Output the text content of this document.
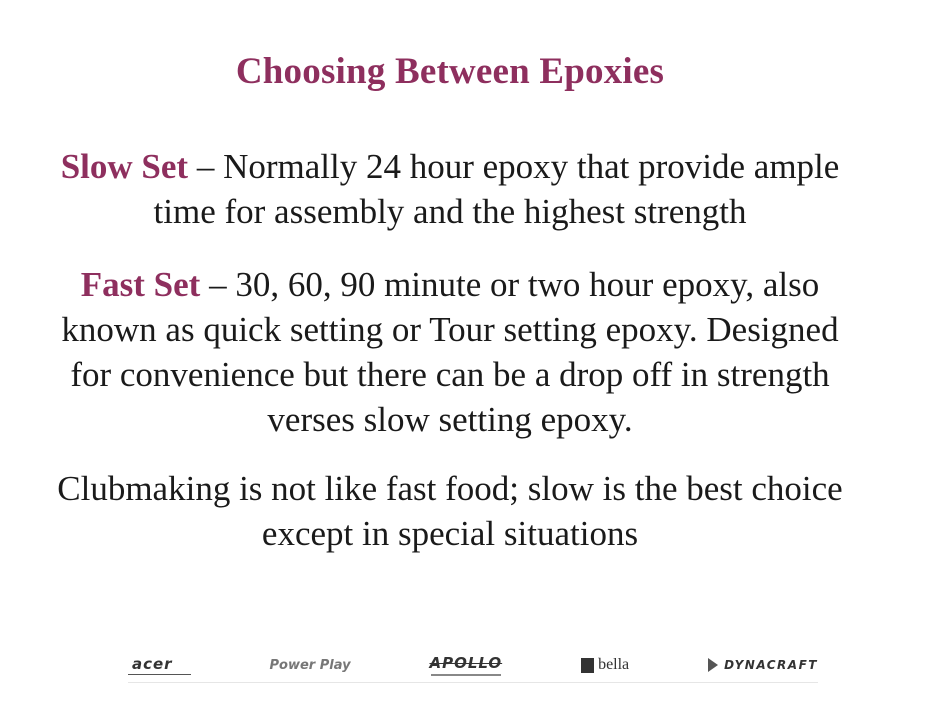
Choosing Between Epoxies
Slow Set – Normally 24 hour epoxy that provide ample time for assembly and the highest strength
Fast Set – 30, 60, 90 minute or two hour epoxy, also known as quick setting or Tour setting epoxy. Designed for convenience but there can be a drop off in strength verses slow setting epoxy.
Clubmaking is not like fast food; slow is the best choice except in special situations
acer	Power Play	APOLLO	bella	DYNACRAFT
